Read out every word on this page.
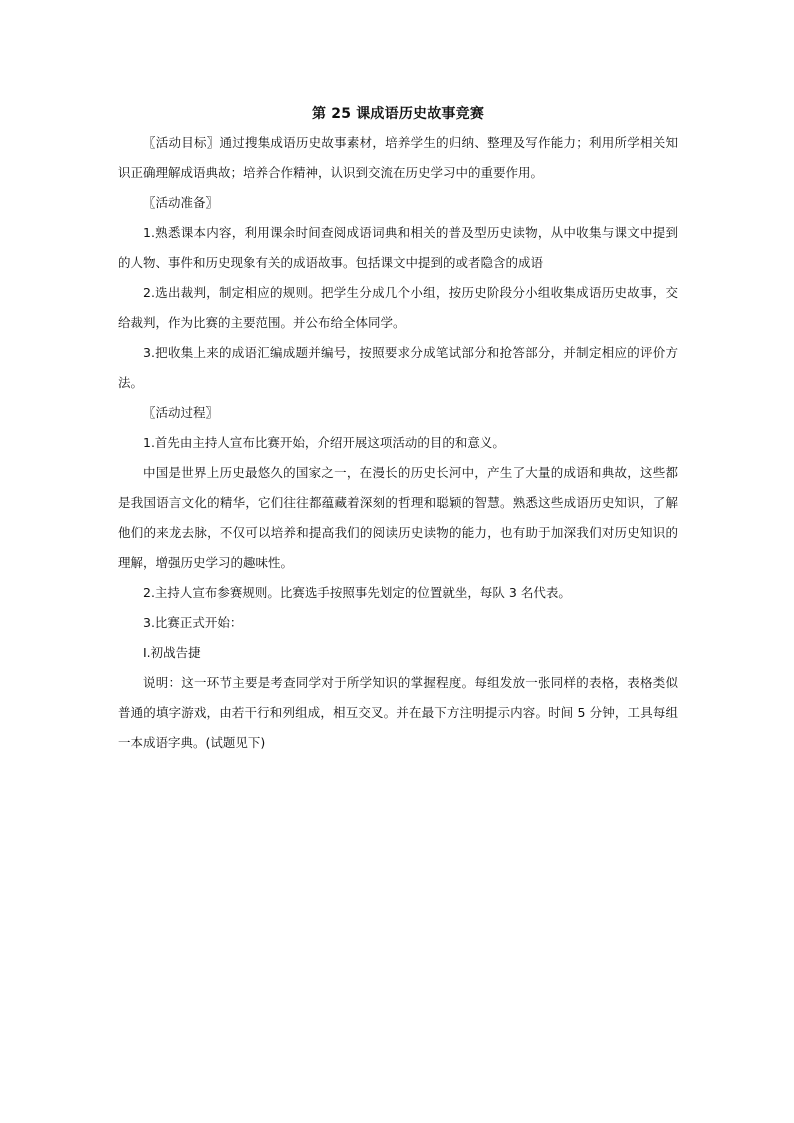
第 25 课成语历史故事竞赛

〖活动目标〗通过搜集成语历史故事素材，培养学生的归纳、整理及写作能力；利用所学相关知识正确理解成语典故；培养合作精神，认识到交流在历史学习中的重要作用。

〖活动准备〗

1.熟悉课本内容，利用课余时间查阅成语词典和相关的普及型历史读物，从中收集与课文中提到的人物、事件和历史现象有关的成语故事。包括课文中提到的或者隐含的成语

2.选出裁判，制定相应的规则。把学生分成几个小组，按历史阶段分小组收集成语历史故事，交给裁判，作为比赛的主要范围。并公布给全体同学。

3.把收集上来的成语汇编成题并编号，按照要求分成笔试部分和抢答部分，并制定相应的评价方法。

〖活动过程〗

1.首先由主持人宣布比赛开始，介绍开展这项活动的目的和意义。

中国是世界上历史最悠久的国家之一，在漫长的历史长河中，产生了大量的成语和典故，这些都是我国语言文化的精华，它们往往都蕴藏着深刻的哲理和聪颖的智慧。熟悉这些成语历史知识，了解他们的来龙去脉，不仅可以培养和提高我们的阅读历史读物的能力，也有助于加深我们对历史知识的理解，增强历史学习的趣味性。

2.主持人宣布参赛规则。比赛选手按照事先划定的位置就坐，每队 3 名代表。

3.比赛正式开始：

Ⅰ.初战告捷

说明：这一环节主要是考查同学对于所学知识的掌握程度。每组发放一张同样的表格，表格类似普通的填字游戏，由若干行和列组成，相互交叉。并在最下方注明提示内容。时间 5 分钟，工具每组一本成语字典。(试题见下)
